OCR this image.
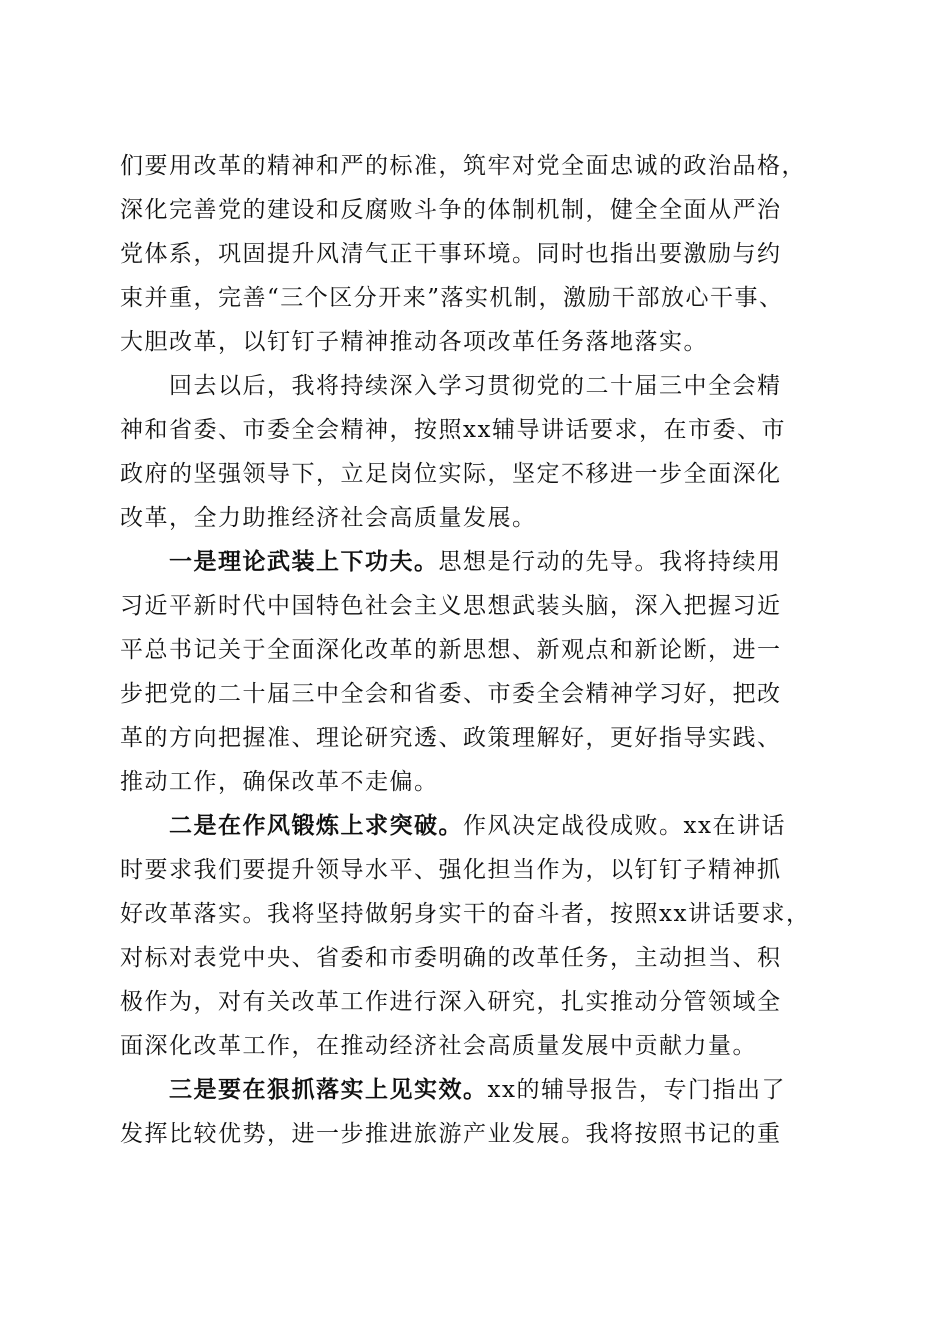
们要用改革的精神和严的标准，筑牢对党全面忠诚的政治品格，
深化完善党的建设和反腐败斗争的体制机制，健全全面从严治
党体系，巩固提升风清气正干事环境。同时也指出要激励与约
束并重，完善“三个区分开来”落实机制，激励干部放心干事、
大胆改革，以钉钉子精神推动各项改革任务落地落实。
回去以后，我将持续深入学习贯彻党的二十届三中全会精
神和省委、市委全会精神，按照xx辅导讲话要求，在市委、市
政府的坚强领导下，立足岗位实际，坚定不移进一步全面深化
改革，全力助推经济社会高质量发展。
一是理论武装上下功夫。思想是行动的先导。我将持续用
习近平新时代中国特色社会主义思想武装头脑，深入把握习近
平总书记关于全面深化改革的新思想、新观点和新论断，进一
步把党的二十届三中全会和省委、市委全会精神学习好，把改
革的方向把握准、理论研究透、政策理解好，更好指导实践、
推动工作，确保改革不走偏。
二是在作风锻炼上求突破。作风决定战役成败。xx在讲话
时要求我们要提升领导水平、强化担当作为，以钉钉子精神抓
好改革落实。我将坚持做躬身实干的奋斗者，按照xx讲话要求，
对标对表党中央、省委和市委明确的改革任务，主动担当、积
极作为，对有关改革工作进行深入研究，扎实推动分管领域全
面深化改革工作，在推动经济社会高质量发展中贡献力量。
三是要在狠抓落实上见实效。xx的辅导报告，专门指出了
发挥比较优势，进一步推进旅游产业发展。我将按照书记的重
